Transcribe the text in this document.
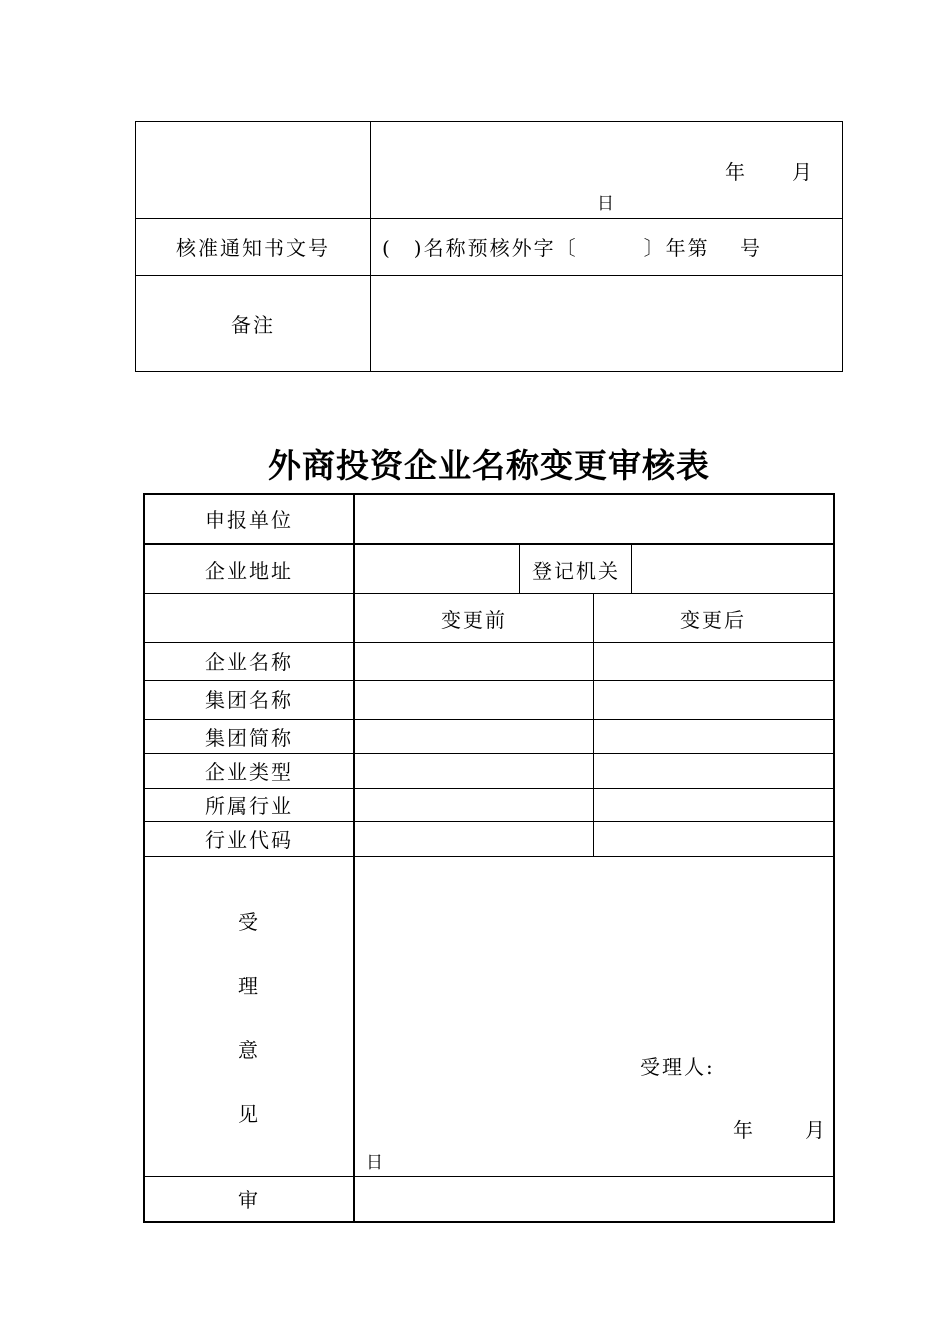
年 月
日
核准通知书文号	(　)名称预核外字〔　　　〕年第　 号
备注
外商投资企业名称变更审核表
申报单位
企业地址	登记机关
变更前	变更后
企业名称
集团名称
集团简称
企业类型
所属行业
行业代码
受
理
意
见
受理人:
年	月
日
审
